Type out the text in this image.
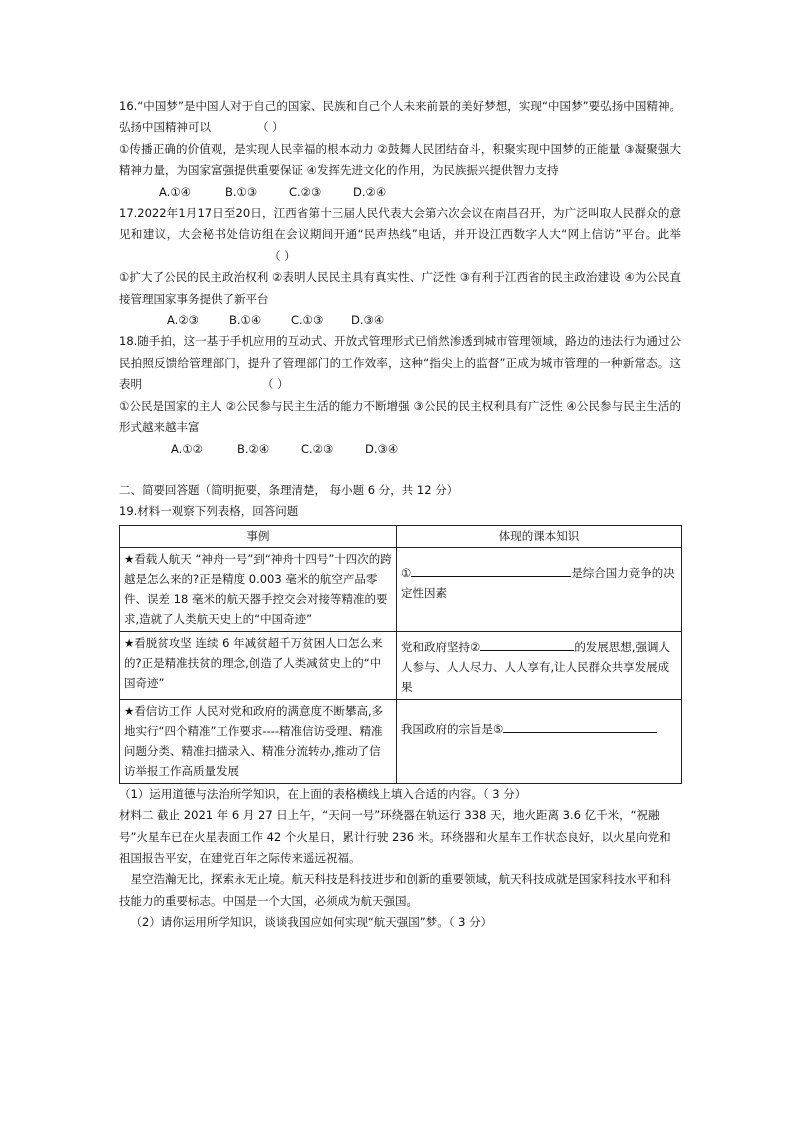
16.“中国梦”是中国人对于自己的国家、民族和自己个人未来前景的美好梦想，实现“中国梦”要弘扬中国精神。弘扬中国精神可以	（ ）

①传播正确的价值观，是实现人民幸福的根本动力 ②鼓舞人民团结奋斗，积聚实现中国梦的正能量 ③凝聚强大精神力量，为国家富强提供重要保证 ④发挥先进文化的作用，为民族振兴提供智力支持

A.①④	B.①③	C.②③	D.②④

17.2022年1月17日至20日，江西省第十三届人民代表大会第六次会议在南昌召开，为广泛叫取人民群众的意见和建议，大会秘书处信访组在会议期间开通“民声热线”电话，并开设江西数字人大“网上信访”平台。此举（ ）

①扩大了公民的民主政治权利 ②表明人民民主具有真实性、广泛性 ③有利于江西省的民主政治建设 ④为公民直接管理国家事务提供了新平台

A.②③	B.①④	C.①③ D.③④

18.随手拍，这一基于手机应用的互动式、开放式管理形式已悄然渗透到城市管理领域，路边的违法行为通过公民拍照反馈给管理部门，提升了管理部门的工作效率，这种“指尖上的监督”正成为城市管理的一种新常态。这表明	（ ）

①公民是国家的主人 ②公民参与民主生活的能力不断增强 ③公民的民主权利具有广泛性 ④公民参与民主生活的形式越来越丰富

A.①②	B.②④	C.②③	D.③④

二、简要回答题（简明扼要，条理清楚， 每小题 6 分，共 12 分）

19.材料一观察下列表格，回答问题

事例	体现的课本知识
★看载人航天 “神舟一号”到“神舟十四号”十四次的跨越是怎么来的?正是精度 0.003 毫米的航空产品零件、误差 18 毫米的航天器手控交会对接等精准的要求,造就了人类航天史上的“中国奇迹”	① 是综合国力竞争的决定性因素
★看脱贫攻坚 连续 6 年减贫超千万贫困人口怎么来的?正是精准扶贫的理念,创造了人类减贫史上的“中国奇迹”	党和政府坚持② 的发展思想,强调人人参与、人人尽力、人人享有,让人民群众共享发展成果
★看信访工作 人民对党和政府的满意度不断攀高,多地实行“四个精准”工作要求----精准信访受理、精准问题分类、精准扫描录入、精准分流转办,推动了信访举报工作高质量发展	我国政府的宗旨是⑤

（1）运用道德与法治所学知识，在上面的表格横线上填入合适的内容。（ 3 分）

材料二 截止 2021 年 6 月 27 日上午，“天问一号”环绕器在轨运行 338 天，地火距离 3.6 亿千米，“祝融号”火星车已在火星表面工作 42 个火星日，累计行驶 236 米。环绕器和火星车工作状态良好，以火星向党和祖国报告平安，在建党百年之际传来遥远祝福。

星空浩瀚无比，探索永无止境。航天科技是科技进步和创新的重要领域，航天科技成就是国家科技水平和科技能力的重要标志。中国是一个大国，必须成为航天强国。

（2）请你运用所学知识，谈谈我国应如何实现“航天强国”梦。（ 3 分）
